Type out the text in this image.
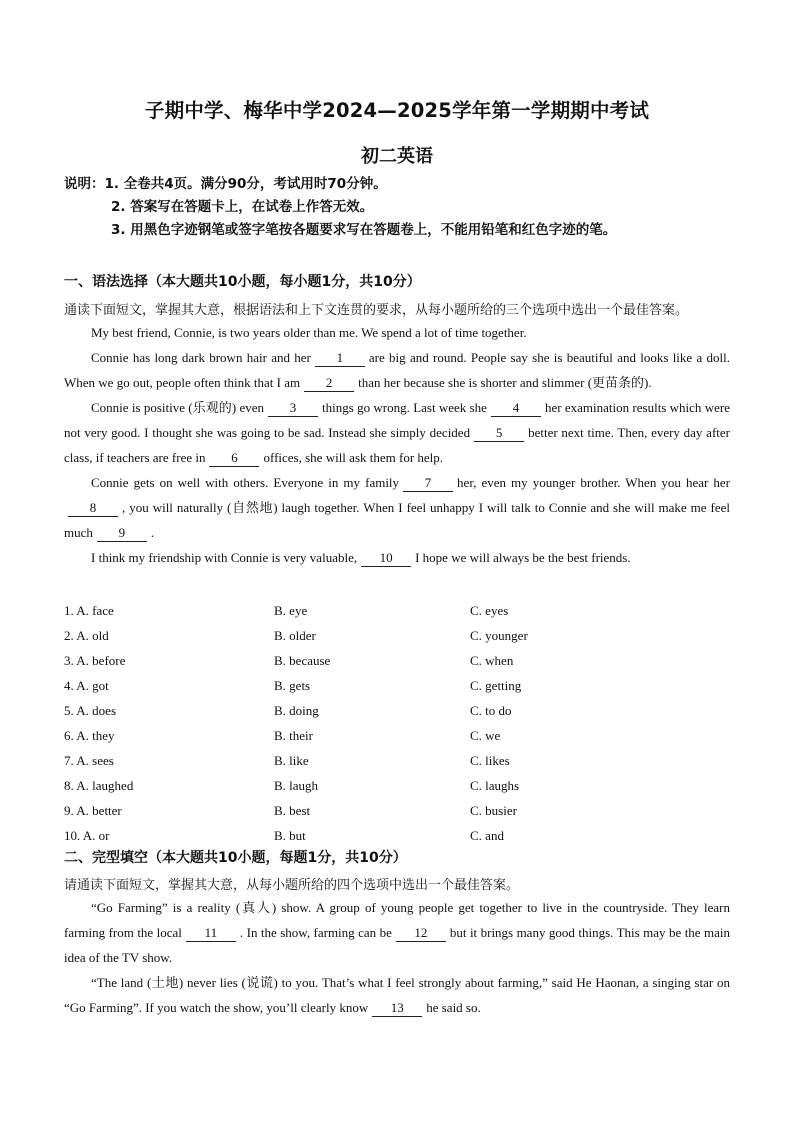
子期中学、梅华中学2024—2025学年第一学期期中考试
初二英语
说明：1. 全卷共4页。满分90分，考试用时70分钟。
2. 答案写在答题卡上，在试卷上作答无效。
3. 用黑色字迹钢笔或签字笔按各题要求写在答题卷上，不能用铅笔和红色字迹的笔。
一、语法选择（本大题共10小题，每小题1分，共10分）
通读下面短文，掌握其大意，根据语法和上下文连贯的要求，从每小题所给的三个选项中选出一个最佳答案。

My best friend, Connie, is two years older than me. We spend a lot of time together.

Connie has long dark brown hair and her 1 are big and round. People say she is beautiful and looks like a doll. When we go out, people often think that I am 2 than her because she is shorter and slimmer (更苗条的).

Connie is positive (乐观的) even 3 things go wrong. Last week she 4 her examination results which were not very good. I thought she was going to be sad. Instead she simply decided 5 better next time. Then, every day after class, if teachers are free in 6 offices, she will ask them for help.

Connie gets on well with others. Everyone in my family 7 her, even my younger brother. When you hear her8 , you will naturally (自然地) laugh together. When I feel unhappy I will talk to Connie and she will make me feel much 9 .

I think my friendship with Connie is very valuable, 10 I hope we will always be the best friends.

1. A. face	B. eye	C. eyes
2. A. old	B. older	C. younger
3. A. before	B. because	C. when
4. A. got	B. gets	C. getting
5. A. does	B. doing	C. to do
6. A. they	B. their	C. we
7. A. sees	B. like	C. likes
8. A. laughed	B. laugh	C. laughs
9. A. better	B. best	C. busier
10. A. or	B. but	C. and
二、完型填空（本大题共10小题，每题1分，共10分）
请通读下面短文，掌握其大意，从每小题所给的四个选项中选出一个最佳答案。

“Go Farming” is a reality (真人) show. A group of young people get together to live in the countryside. They learn farming from the local 11 . In the show, farming can be 12 but it brings many good things. This may be the main idea of the TV show.

“The land (土地) never lies (说谎) to you. That’s what I feel strongly about farming,” said He Haonan, a singing star on “Go Farming”. If you watch the show, you’ll clearly know 13 he said so.
